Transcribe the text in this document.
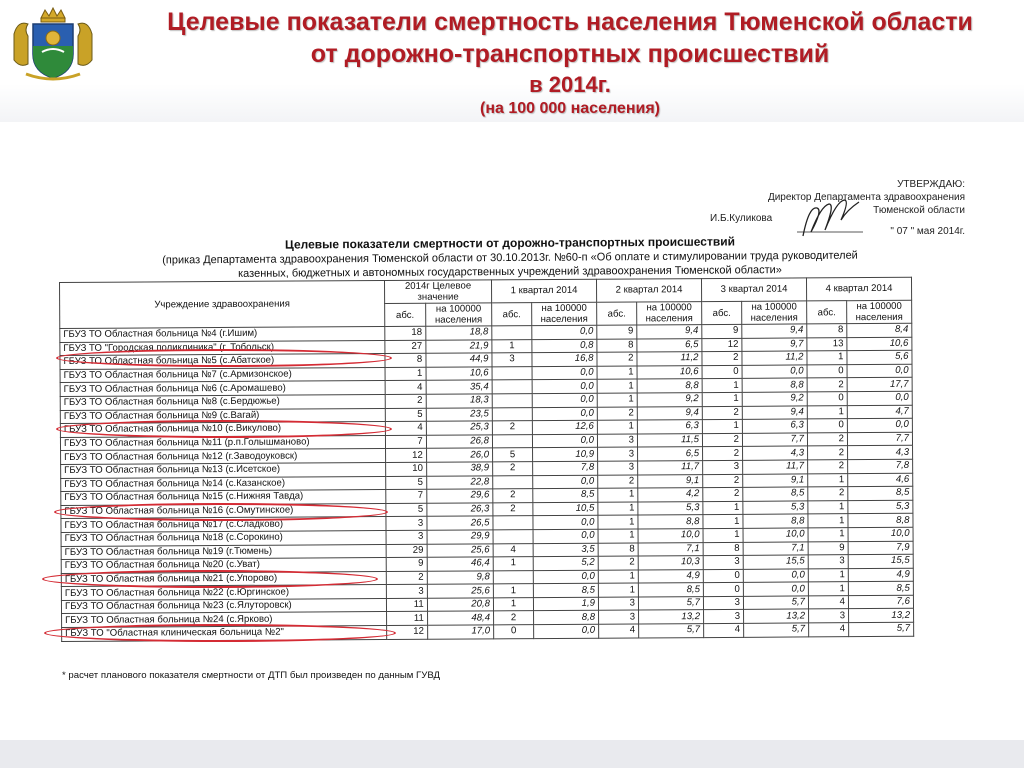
Целевые показатели смертность населения Тюменской области
от дорожно-транспортных происшествий
в 2014г.
(на 100 000 населения)
УТВЕРЖДАЮ:
Директор Департамента здравоохранения
Тюменской области
И.Б.Куликова
" 07 " мая 2014г.
Целевые показатели смертности от дорожно-транспортных происшествий
(приказ Департамента здравоохранения Тюменской области от 30.10.2013г. №60-п «Об оплате и стимулировании труда руководителей
казенных, бюджетных и автономных государственных учреждений здравоохранения Тюменской области»
Учреждение здравоохранения	2014г Целевое значение		1 квартал 2014		2 квартал 2014		3 квартал 2014		4 квартал 2014	
	абс.	на 100000 населения	абс.	на 100000 населения	абс.	на 100000 населения	абс.	на 100000 населения	абс.	на 100000 населения
ГБУЗ ТО Областная больница №4 (г.Ишим)	18	18,8		0,0	9	9,4	9	9,4	8	8,4
ГБУЗ ТО "Городская поликлиника" (г. Тобольск)	27	21,9	1	0,8	8	6,5	12	9,7	13	10,6
ГБУЗ ТО Областная больница №5 (с.Абатское)	8	44,9	3	16,8	2	11,2	2	11,2	1	5,6
ГБУЗ ТО Областная больница №7 (с.Армизонское)	1	10,6		0,0	1	10,6	0	0,0	0	0,0
ГБУЗ ТО Областная больница №6 (с.Аромашево)	4	35,4		0,0	1	8,8	1	8,8	2	17,7
ГБУЗ ТО Областная больница №8 (с.Бердюжье)	2	18,3		0,0	1	9,2	1	9,2	0	0,0
ГБУЗ ТО Областная больница №9 (с.Вагай)	5	23,5		0,0	2	9,4	2	9,4	1	4,7
ГБУЗ ТО Областная больница №10 (с.Викулово)	4	25,3	2	12,6	1	6,3	1	6,3	0	0,0
ГБУЗ ТО Областная больница №11 (р.п.Голышманово)	7	26,8		0,0	3	11,5	2	7,7	2	7,7
ГБУЗ ТО Областная больница №12 (г.Заводоуковск)	12	26,0	5	10,9	3	6,5	2	4,3	2	4,3
ГБУЗ ТО Областная больница №13 (с.Исетское)	10	38,9	2	7,8	3	11,7	3	11,7	2	7,8
ГБУЗ ТО Областная больница №14 (с.Казанское)	5	22,8		0,0	2	9,1	2	9,1	1	4,6
ГБУЗ ТО Областная больница №15 (с.Нижняя Тавда)	7	29,6	2	8,5	1	4,2	2	8,5	2	8,5
ГБУЗ ТО Областная больница №16 (с.Омутинское)	5	26,3	2	10,5	1	5,3	1	5,3	1	5,3
ГБУЗ ТО Областная больница №17 (с.Сладково)	3	26,5		0,0	1	8,8	1	8,8	1	8,8
ГБУЗ ТО Областная больница №18 (с.Сорокино)	3	29,9		0,0	1	10,0	1	10,0	1	10,0
ГБУЗ ТО Областная больница №19 (г.Тюмень)	29	25,6	4	3,5	8	7,1	8	7,1	9	7,9
ГБУЗ ТО Областная больница №20 (с.Уват)	9	46,4	1	5,2	2	10,3	3	15,5	3	15,5
ГБУЗ ТО Областная больница №21 (с.Упорово)	2	9,8		0,0	1	4,9	0	0,0	1	4,9
ГБУЗ ТО Областная больница №22 (с.Юргинское)	3	25,6	1	8,5	1	8,5	0	0,0	1	8,5
ГБУЗ ТО Областная больница №23 (с.Ялуторовск)	11	20,8	1	1,9	3	5,7	3	5,7	4	7,6
ГБУЗ ТО Областная больница №24 (с.Ярково)	11	48,4	2	8,8	3	13,2	3	13,2	3	13,2
ГБУЗ ТО "Областная клиническая больница №2"	12	17,0	0	0,0	4	5,7	4	5,7	4	5,7
* расчет планового показателя смертности от ДТП был произведен по данным ГУВД
